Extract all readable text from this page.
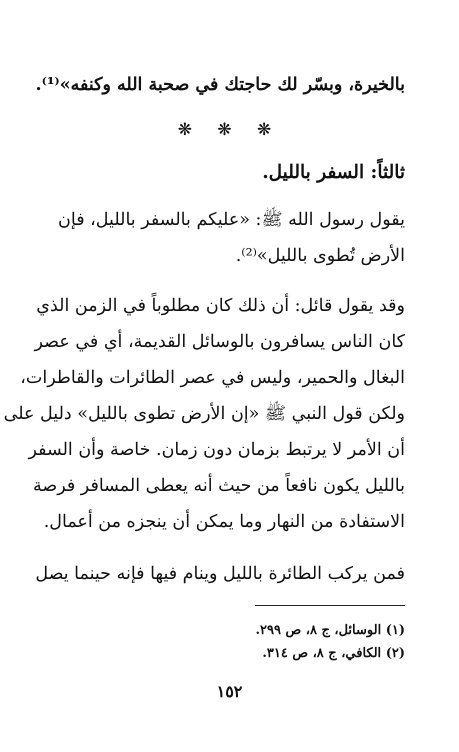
بالخيرة، وبسّر لك حاجتك في صحبة الله وكنفه»⁽¹⁾.
❋ ❋ ❋
ثالثاً: السفر بالليل.
يقول رسول الله ﷺ: «عليكم بالسفر بالليل، فإن
الأرض تُطوى بالليل»⁽²⁾.
وقد يقول قائل: أن ذلك كان مطلوباً في الزمن الذي
كان الناس يسافرون بالوسائل القديمة، أي في عصر
البغال والحمير، وليس في عصر الطائرات والقاطرات،
ولكن قول النبي ﷺ «إن الأرض تطوى بالليل» دليل على
أن الأمر لا يرتبط بزمان دون زمان. خاصة وأن السفر
بالليل يكون نافعاً من حيث أنه يعطى المسافر فرصة
الاستفادة من النهار وما يمكن أن ينجزه من أعمال.
فمن يركب الطائرة بالليل وينام فيها فإنه حينما يصل
(١) الوسائل، ج ٨، ص ٢٩٩.
(٢) الكافي، ج ٨، ص ٣١٤.
١٥٢
